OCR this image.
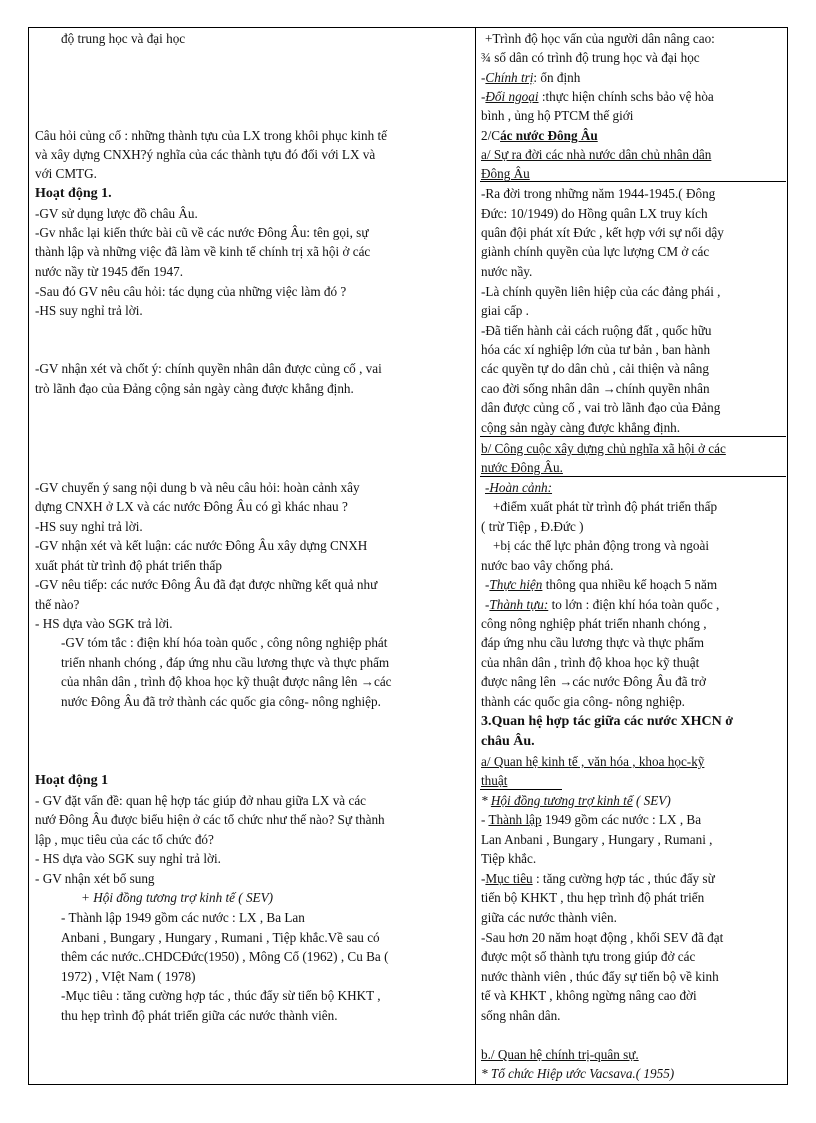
độ trung học và đại học
Câu hỏi củng cố : những thành tựu của LX trong khôi phục kinh tế
và xây dựng CNXH?ý nghĩa của các thành tựu đó đối với LX và
với CMTG.
Hoạt động 1.
-GV sử dụng lược đồ châu Âu.
-Gv nhắc lại kiến thức bài cũ về các nước Đông Âu: tên gọi, sự
thành lập và những việc đã làm về kinh tế chính trị xã hội ở các
nước nầy từ 1945 đến 1947.
-Sau đó GV nêu câu hỏi: tác dụng của những việc làm đó ?
-HS suy nghỉ trả lời.
-GV nhận xét và chốt ý: chính quyền nhân dân được củng cố , vai
trò lãnh đạo của Đảng cộng sản ngày càng được khẳng định.
-GV chuyển ý sang nội dung b và nêu câu hỏi: hoàn cảnh xây
dựng CNXH ở LX và các nước Đông Âu có gì khác nhau ?
-HS suy nghỉ trả lời.
-GV nhận xét và kết luận: các nước Đông Âu xây dựng CNXH
xuất phát từ trình độ phát triển thấp
-GV nêu tiếp: các nước Đông Âu đã đạt được những kết quả như
thế nào?
- HS dựa vào SGK trả lời.
-GV tóm tắc : điện khí hóa toàn quốc , công nông nghiệp phát
triển nhanh chóng , đáp ứng nhu cầu lương thực và thực phẩm
của nhân dân , trình độ khoa học kỹ thuật được nâng lên →các
nước Đông Âu đã trở thành các quốc gia công- nông nghiệp.
Hoạt động 1
- GV đặt vấn đề: quan hệ hợp tác giúp đở nhau giữa LX và các
nướ Đông Âu được biểu hiện ở các tổ chức như thế nào? Sự thành
lập , mục tiêu của các tổ chức đó?
- HS dựa vào SGK suy nghỉ trả lời.
- GV nhận xét bổ sung
+ Hội đồng tương trợ kinh tế ( SEV)
- Thành lập 1949 gồm các nước : LX , Ba Lan
Anbani , Bungary , Hungary , Rumani , Tiệp khắc.Về sau có
thêm các nước..CHDCĐức(1950) , Mông Cổ (1962) , Cu Ba (
1972) , VIệt Nam ( 1978)
-Mục tiêu : tăng cường hợp tác , thúc đẩy sừ tiến bộ KHKT ,
thu hẹp trình độ phát triển giữa các nước thành viên.
+Trình độ học vấn của người dân nâng cao:
¾ số dân có trình độ trung học và đại học
-Chính trị: ổn định
-Đối ngoại :thực hiện chính schs bảo vệ hòa
bình , ủng hộ PTCM thế giới
2/Các nước Đông Âu
a/ Sự ra đời các nhà nước dân chủ nhân dân
Đông Âu
-Ra đời trong những năm 1944-1945.( Đông
Đức: 10/1949) do Hồng quân LX truy kích
quân đội phát xít Đức , kết hợp với sự nổi dậy
giành chính quyền của lực lượng CM ở các
nước nầy.
-Là chính quyền liên hiệp của các đảng phái ,
giai cấp .
-Đã tiến hành cải cách ruộng đất , quốc hữu
hóa các xí nghiệp lớn của tư bản , ban hành
các quyền tự do dân chủ , cải thiện và nâng
cao đời sống nhân dân →chính quyền nhân
dân được củng cố , vai trò lãnh đạo của Đảng
cộng sản ngày càng được khẳng định.
b/ Công cuộc xây dựng chủ nghĩa xã hội ở các
nước Đông Âu.
-Hoàn cảnh:
+điểm xuất phát từ trình độ phát triển thấp
( trừ Tiệp , Đ.Đức )
+bị các thế lực phản động trong và ngoài
nước bao vây chống phá.
-Thực hiện thông qua nhiều kế hoạch 5 năm
-Thành tựu: to lớn : điện khí hóa toàn quốc ,
công nông nghiệp phát triển nhanh chóng ,
đáp ứng nhu cầu lương thực và thực phẩm
của nhân dân , trình độ khoa học kỹ thuật
được nâng lên →các nước Đông Âu đã trở
thành các quốc gia công- nông nghiệp.
3.Quan hệ hợp tác giữa các nước XHCN ở
châu Âu.
a/ Quan hệ kinh tế , văn hóa , khoa học-kỹ
thuật
* Hội đồng tương trợ kinh tế ( SEV)
- Thành lập 1949 gồm các nước : LX , Ba
Lan Anbani , Bungary , Hungary , Rumani ,
Tiệp khắc.
-Mục tiêu : tăng cường hợp tác , thúc đẩy sừ
tiến bộ KHKT , thu hẹp trình độ phát triển
giữa các nước thành viên.
-Sau hơn 20 năm hoạt động , khối SEV đã đạt
được một số thành tựu trong giúp đở các
nước thành viên , thúc đẩy sự tiến bộ về kinh
tế và KHKT , không ngừng nâng cao đời
sống nhân dân.
b./ Quan hệ chính trị-quân sự.
* Tổ chức Hiệp ước Vacsava.( 1955)
